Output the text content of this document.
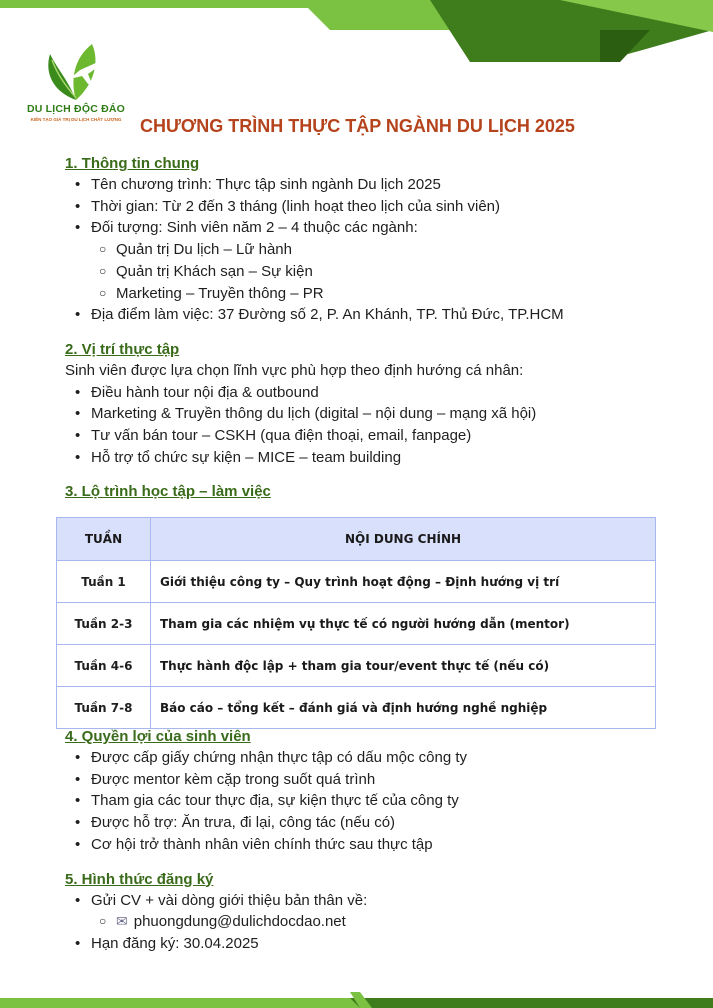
DU LỊCH ĐỘC ĐÁO
KIẾN TẠO GIÁ TRỊ DU LỊCH CHẤT LƯỢNG CHƯƠNG TRÌNH THỰC TẬP NGÀNH DU LỊCH 2025
1. Thông tin chung
• Tên chương trình: Thực tập sinh ngành Du lịch 2025
• Thời gian: Từ 2 đến 3 tháng (linh hoạt theo lịch của sinh viên)
• Đối tượng: Sinh viên năm 2 – 4 thuộc các ngành:
○ Quản trị Du lịch – Lữ hành
○ Quản trị Khách sạn – Sự kiện
○ Marketing – Truyền thông – PR
• Địa điểm làm việc: 37 Đường số 2, P. An Khánh, TP. Thủ Đức, TP.HCM
2. Vị trí thực tập

Sinh viên được lựa chọn lĩnh vực phù hợp theo định hướng cá nhân:

• Điều hành tour nội địa & outbound
• Marketing & Truyền thông du lịch (digital – nội dung – mạng xã hội)
• Tư vấn bán tour – CSKH (qua điện thoại, email, fanpage)
• Hỗ trợ tổ chức sự kiện – MICE – team building
3. Lộ trình học tập – làm việc
TUẦN	NỘI DUNG CHÍNH
Tuần 1	Giới thiệu công ty – Quy trình hoạt động – Định hướng vị trí
Tuần 2-3	Tham gia các nhiệm vụ thực tế có người hướng dẫn (mentor)
Tuần 4-6	Thực hành độc lập + tham gia tour/event thực tế (nếu có)
Tuần 7-8	Báo cáo – tổng kết – đánh giá và định hướng nghề nghiệp
4. Quyền lợi của sinh viên
• Được cấp giấy chứng nhận thực tập có dấu mộc công ty
• Được mentor kèm cặp trong suốt quá trình
• Tham gia các tour thực địa, sự kiện thực tế của công ty
• Được hỗ trợ: Ăn trưa, đi lại, công tác (nếu có)
• Cơ hội trở thành nhân viên chính thức sau thực tập
5. Hình thức đăng ký
• Gửi CV + vài dòng giới thiệu bản thân về:
○ ✉ phuongdung@dulichdocdao.net
• Hạn đăng ký: 30.04.2025
